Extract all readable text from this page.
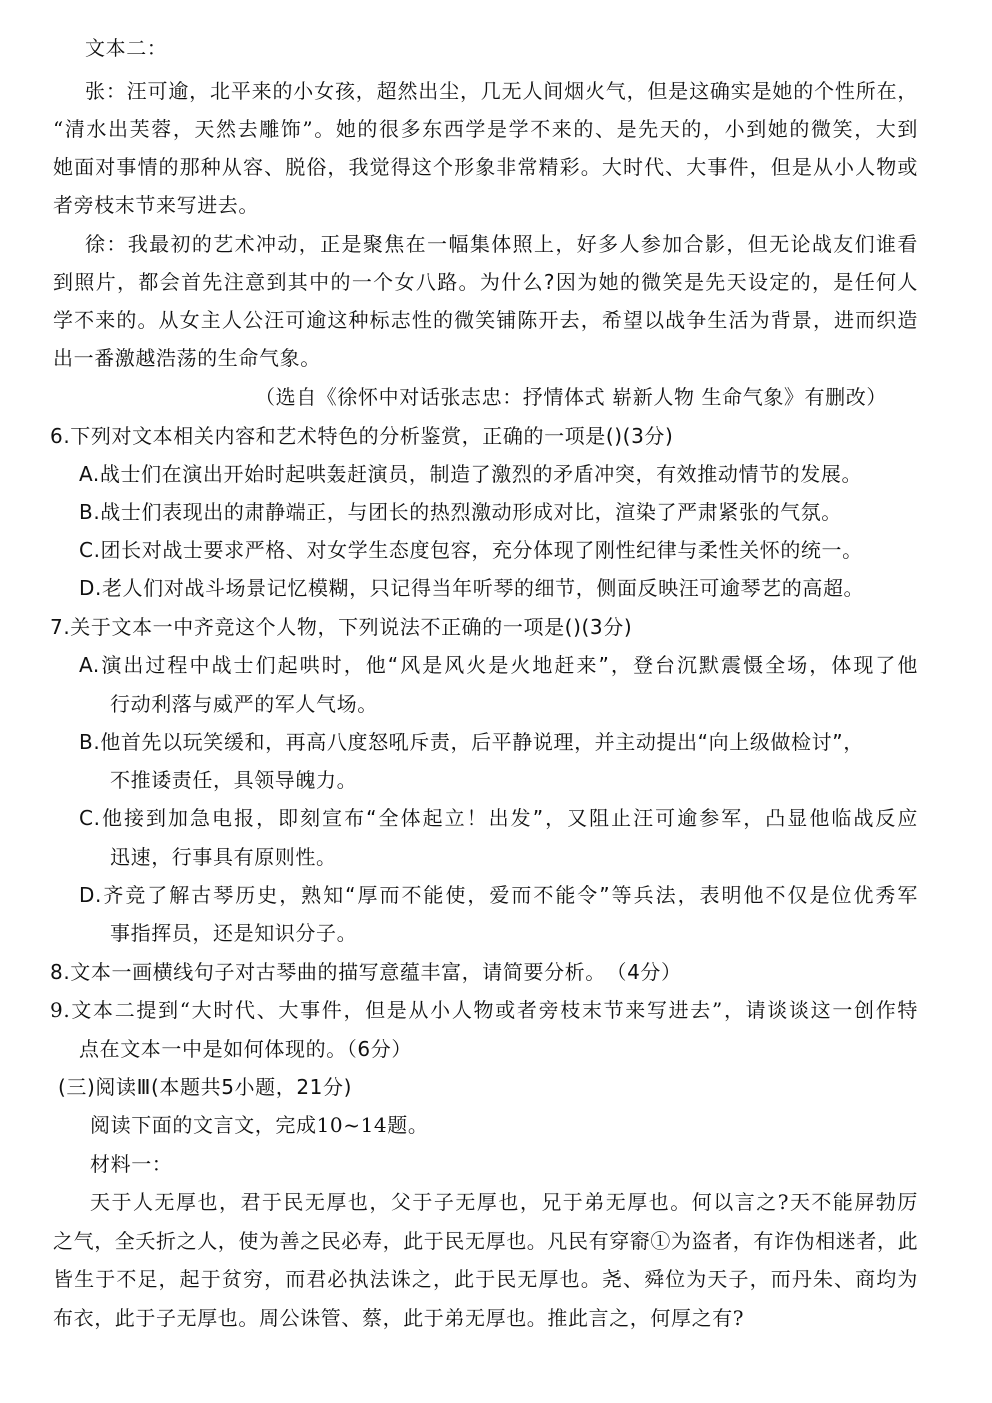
文本二：
张：汪可逾，北平来的小女孩，超然出尘，几无人间烟火气，但是这确实是她的个性所在，
“清水出芙蓉，天然去雕饰”。她的很多东西学是学不来的、是先天的，小到她的微笑，大到
她面对事情的那种从容、脱俗，我觉得这个形象非常精彩。大时代、大事件，但是从小人物或
者旁枝末节来写进去。
徐：我最初的艺术冲动，正是聚焦在一幅集体照上，好多人参加合影，但无论战友们谁看
到照片，都会首先注意到其中的一个女八路。为什么?因为她的微笑是先天设定的，是任何人
学不来的。从女主人公汪可逾这种标志性的微笑铺陈开去，希望以战争生活为背景，进而织造
出一番激越浩荡的生命气象。
（选自《徐怀中对话张志忠：抒情体式 崭新人物 生命气象》有删改）
6.下列对文本相关内容和艺术特色的分析鉴赏，正确的一项是()(3分)
A.战士们在演出开始时起哄轰赶演员，制造了激烈的矛盾冲突，有效推动情节的发展。
B.战士们表现出的肃静端正，与团长的热烈激动形成对比，渲染了严肃紧张的气氛。
C.团长对战士要求严格、对女学生态度包容，充分体现了刚性纪律与柔性关怀的统一。
D.老人们对战斗场景记忆模糊，只记得当年听琴的细节，侧面反映汪可逾琴艺的高超。
7.关于文本一中齐竞这个人物，下列说法不正确的一项是()(3分)
A.演出过程中战士们起哄时，他“风是风火是火地赶来”，登台沉默震慑全场，体现了他
行动利落与威严的军人气场。
B.他首先以玩笑缓和，再高八度怒吼斥责，后平静说理，并主动提出“向上级做检讨”，
不推诿责任，具领导魄力。
C.他接到加急电报，即刻宣布“全体起立！出发”，又阻止汪可逾参军，凸显他临战反应
迅速，行事具有原则性。
D.齐竞了解古琴历史，熟知“厚而不能使，爱而不能令”等兵法，表明他不仅是位优秀军
事指挥员，还是知识分子。
8.文本一画横线句子对古琴曲的描写意蕴丰富，请简要分析。　（4分）
9.文本二提到“大时代、大事件，但是从小人物或者旁枝末节来写进去”，请谈谈这一创作特
点在文本一中是如何体现的。（6分）
(三)阅读Ⅲ(本题共5小题，21分)
阅读下面的文言文，完成10~14题。
材料一：
天于人无厚也，君于民无厚也，父于子无厚也，兄于弟无厚也。何以言之?天不能屏勃厉
之气，全夭折之人，使为善之民必寿，此于民无厚也。凡民有穿窬①为盗者，有诈伪相迷者，此
皆生于不足，起于贫穷，而君必执法诛之，此于民无厚也。尧、舜位为天子，而丹朱、商均为
布衣，此于子无厚也。周公诛管、蔡，此于弟无厚也。推此言之，何厚之有?
